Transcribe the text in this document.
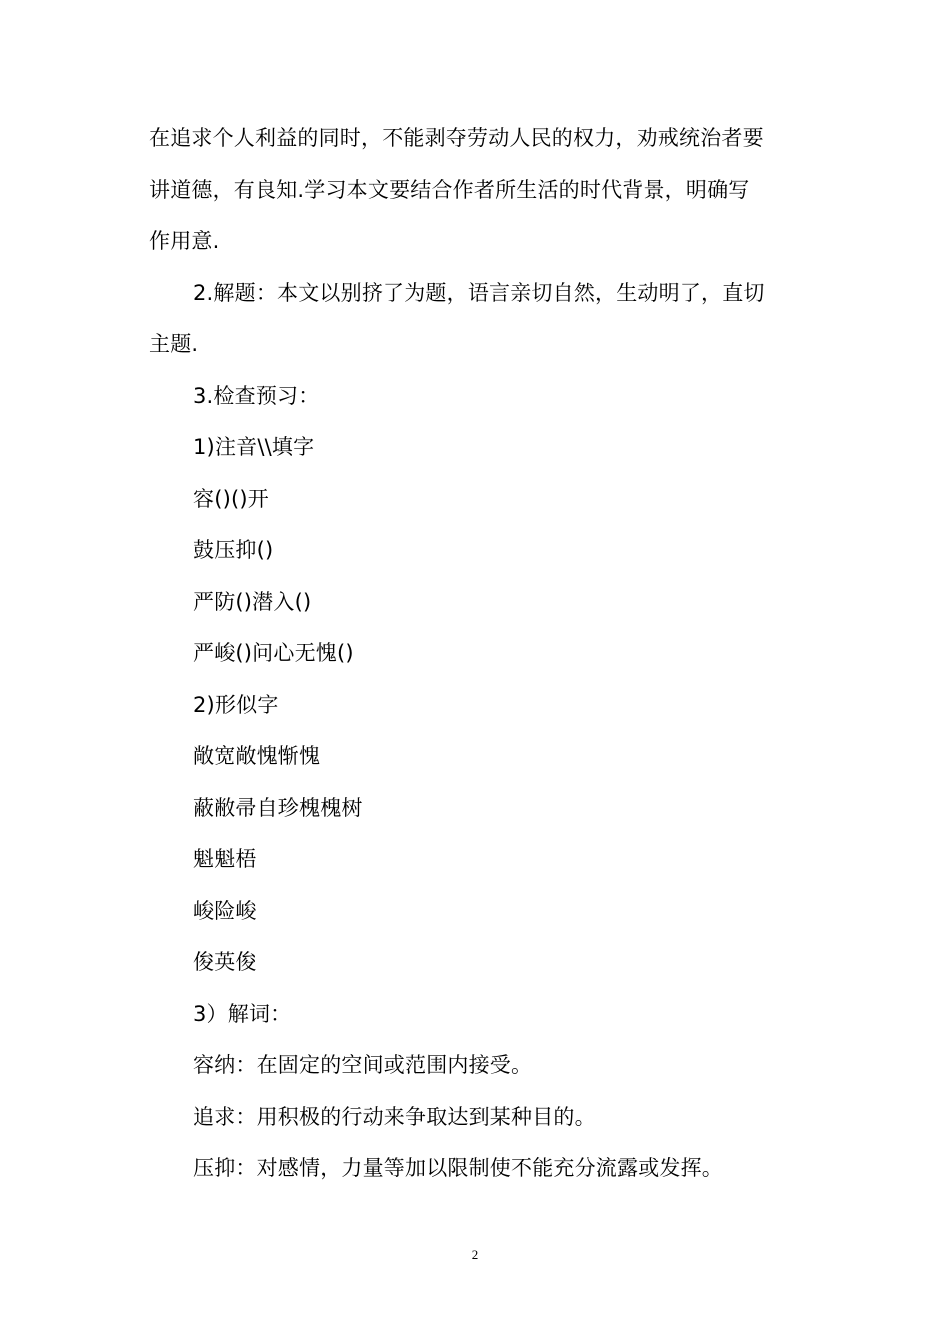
在追求个人利益的同时，不能剥夺劳动人民的权力，劝戒统治者要
讲道德，有良知.学习本文要结合作者所生活的时代背景，明确写
作用意.
2.解题：本文以别挤了为题，语言亲切自然，生动明了，直切
主题.
3.检查预习：
1)注音\\填字
容()()开
鼓压抑()
严防()潜入()
严峻()问心无愧()
2)形似字
敞宽敞愧惭愧
蔽敝帚自珍槐槐树
魁魁梧
峻险峻
俊英俊
3）解词：
容纳：在固定的空间或范围内接受。
追求：用积极的行动来争取达到某种目的。
压抑：对感情，力量等加以限制使不能充分流露或发挥。
2
